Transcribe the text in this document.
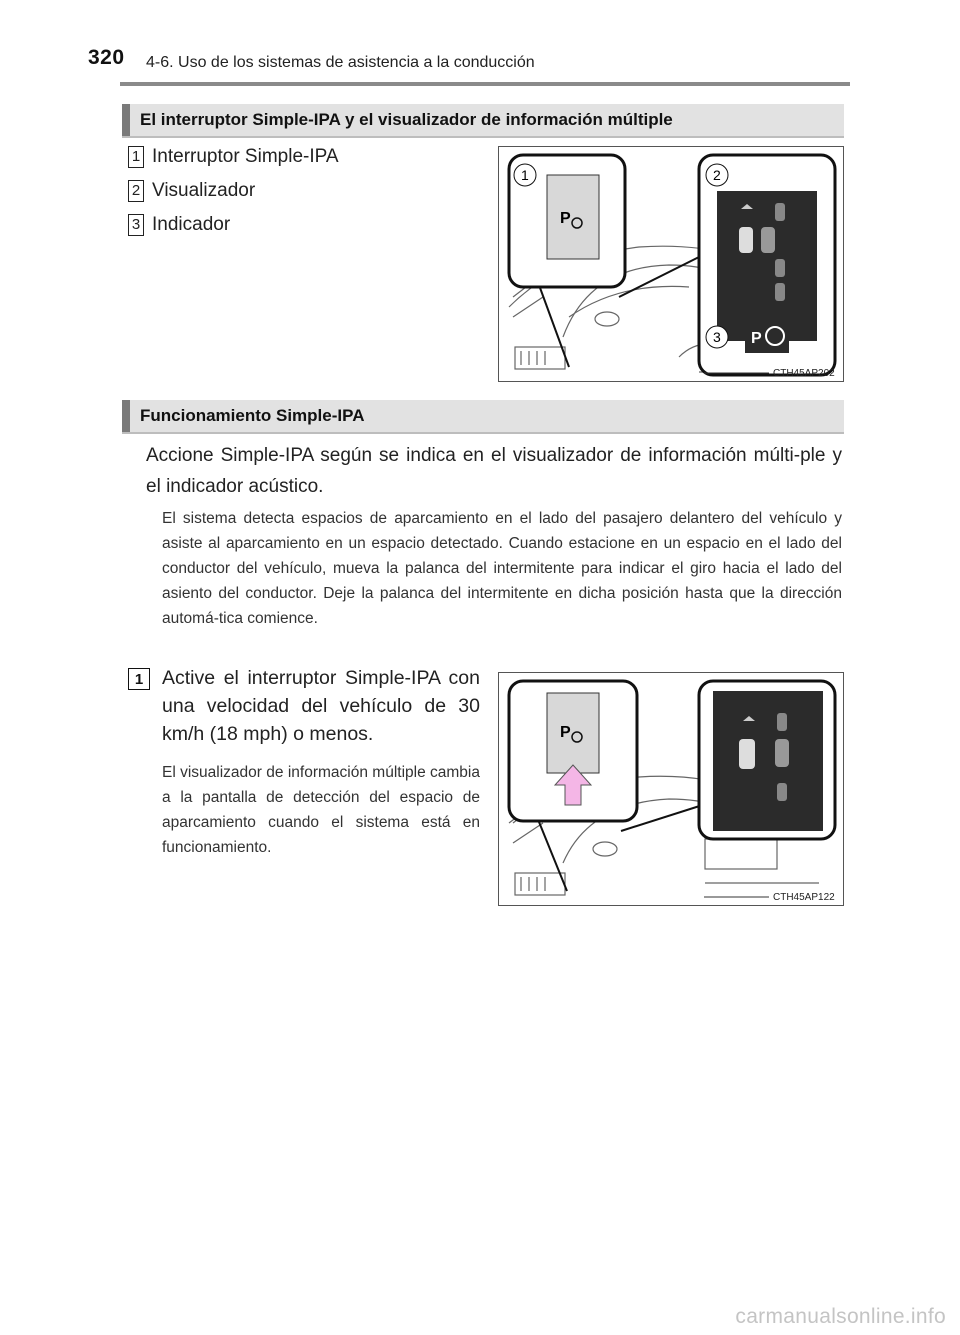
320 4-6. Uso de los sistemas de asistencia a la conducción
El interruptor Simple-IPA y el visualizador de información múltiple
1 Interruptor Simple-IPA
2 Visualizador
3 Indicador
1
P
2
3 P
CTH45AP202
Funcionamiento Simple-IPA
Accione Simple-IPA según se indica en el visualizador de información múlti-ple y el indicador acústico.
El sistema detecta espacios de aparcamiento en el lado del pasajero delantero del vehículo y asiste al aparcamiento en un espacio detectado. Cuando estacione en un espacio en el lado del conductor del vehículo, mueva la palanca del intermitente para indicar el giro hacia el lado del asiento del conductor. Deje la palanca del intermitente en dicha posición hasta que la dirección automá-tica comience.
1 Active el interruptor Simple-IPA con una velocidad del vehículo de 30 km/h (18 mph) o menos.
El visualizador de información múltiple cambia a la pantalla de detección del espacio de aparcamiento cuando el sistema está en funcionamiento.
P
CTH45AP122
carmanualsonline.info
